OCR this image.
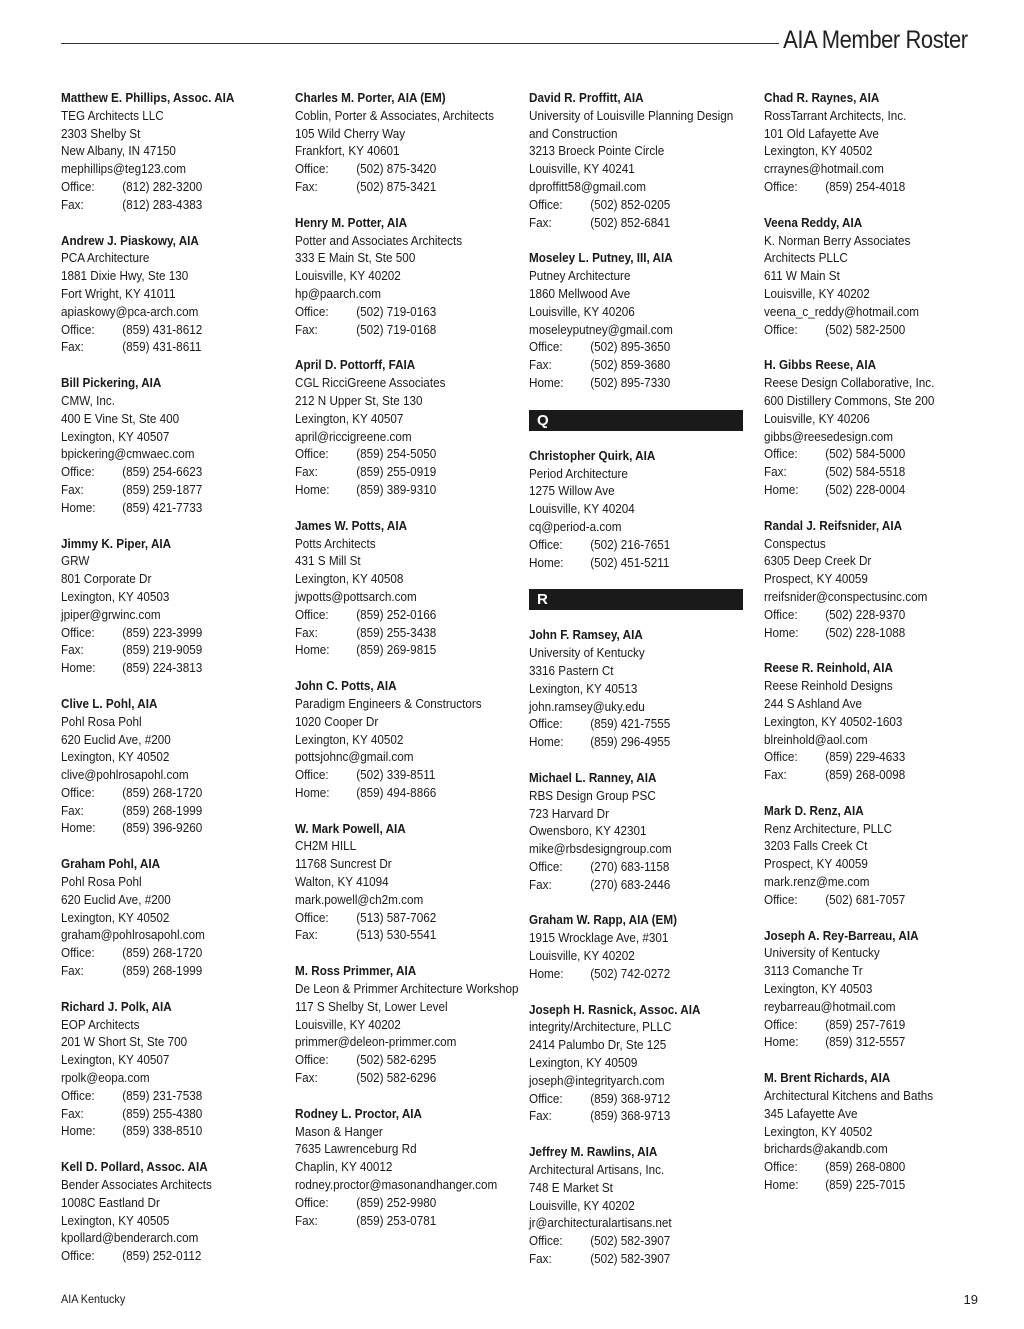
AIA Member Roster
Matthew E. Phillips, Assoc. AIA
TEG Architects LLC
2303 Shelby St
New Albany, IN 47150
mephillips@teg123.com
Office: (812) 282-3200
Fax:	(812) 283-4383
Andrew J. Piaskowy, AIA
PCA Architecture
1881 Dixie Hwy, Ste 130
Fort Wright, KY 41011
apiaskowy@pca-arch.com
Office: (859) 431-8612
Fax:	(859) 431-8611
Bill Pickering, AIA
CMW, Inc.
400 E Vine St, Ste 400
Lexington, KY 40507
bpickering@cmwaec.com
Office: (859) 254-6623
Fax:	(859) 259-1877
Home: (859) 421-7733
Jimmy K. Piper, AIA
GRW
801 Corporate Dr
Lexington, KY 40503
jpiper@grwinc.com
Office: (859) 223-3999
Fax:	(859) 219-9059
Home: (859) 224-3813
Clive L. Pohl, AIA
Pohl Rosa Pohl
620 Euclid Ave, #200
Lexington, KY 40502
clive@pohlrosapohl.com
Office: (859) 268-1720
Fax:	(859) 268-1999
Home: (859) 396-9260
Graham Pohl, AIA
Pohl Rosa Pohl
620 Euclid Ave, #200
Lexington, KY 40502
graham@pohlrosapohl.com
Office: (859) 268-1720
Fax:	(859) 268-1999
Richard J. Polk, AIA
EOP Architects
201 W Short St, Ste 700
Lexington, KY 40507
rpolk@eopa.com
Office: (859) 231-7538
Fax:	(859) 255-4380
Home: (859) 338-8510
Kell D. Pollard, Assoc. AIA
Bender Associates Architects
1008C Eastland Dr
Lexington, KY 40505
kpollard@benderarch.com
Office: (859) 252-0112
Charles M. Porter, AIA (EM)
Coblin, Porter & Associates, Architects
105 Wild Cherry Way
Frankfort, KY 40601
Office: (502) 875-3420
Fax:	(502) 875-3421
Henry M. Potter, AIA
Potter and Associates Architects
333 E Main St, Ste 500
Louisville, KY 40202
hp@paarch.com
Office: (502) 719-0163
Fax:	(502) 719-0168
April D. Pottorff, FAIA
CGL RicciGreene Associates
212 N Upper St, Ste 130
Lexington, KY 40507
april@riccigreene.com
Office: (859) 254-5050
Fax:	(859) 255-0919
Home: (859) 389-9310
James W. Potts, AIA
Potts Architects
431 S Mill St
Lexington, KY 40508
jwpotts@pottsarch.com
Office: (859) 252-0166
Fax:	(859) 255-3438
Home: (859) 269-9815
John C. Potts, AIA
Paradigm Engineers & Constructors
1020 Cooper Dr
Lexington, KY 40502
pottsjohnc@gmail.com
Office: (502) 339-8511
Home: (859) 494-8866
W. Mark Powell, AIA
CH2M HILL
11768 Suncrest Dr
Walton, KY 41094
mark.powell@ch2m.com
Office: (513) 587-7062
Fax:	(513) 530-5541
M. Ross Primmer, AIA
De Leon & Primmer Architecture Workshop
117 S Shelby St, Lower Level
Louisville, KY 40202
primmer@deleon-primmer.com
Office: (502) 582-6295
Fax:	(502) 582-6296
Rodney L. Proctor, AIA
Mason & Hanger
7635 Lawrenceburg Rd
Chaplin, KY 40012
rodney.proctor@masonandhanger.com
Office: (859) 252-9980
Fax:	(859) 253-0781
David R. Proffitt, AIA
University of Louisville Planning Design
and Construction
3213 Broeck Pointe Circle
Louisville, KY 40241
dproffitt58@gmail.com
Office: (502) 852-0205
Fax:	(502) 852-6841
Moseley L. Putney, III, AIA
Putney Architecture
1860 Mellwood Ave
Louisville, KY 40206
moseleyputney@gmail.com
Office: (502) 895-3650
Fax:	(502) 859-3680
Home: (502) 895-7330
Q
Christopher Quirk, AIA
Period Architecture
1275 Willow Ave
Louisville, KY 40204
cq@period-a.com
Office: (502) 216-7651
Home: (502) 451-5211
R
John F. Ramsey, AIA
University of Kentucky
3316 Pastern Ct
Lexington, KY 40513
john.ramsey@uky.edu
Office: (859) 421-7555
Home: (859) 296-4955
Michael L. Ranney, AIA
RBS Design Group PSC
723 Harvard Dr
Owensboro, KY 42301
mike@rbsdesigngroup.com
Office: (270) 683-1158
Fax:	(270) 683-2446
Graham W. Rapp, AIA (EM)
1915 Wrocklage Ave, #301
Louisville, KY 40202
Home: (502) 742-0272
Joseph H. Rasnick, Assoc. AIA
integrity/Architecture, PLLC
2414 Palumbo Dr, Ste 125
Lexington, KY 40509
joseph@integrityarch.com
Office: (859) 368-9712
Fax:	(859) 368-9713
Jeffrey M. Rawlins, AIA
Architectural Artisans, Inc.
748 E Market St
Louisville, KY 40202
jr@architecturalartisans.net
Office: (502) 582-3907
Fax:	(502) 582-3907
Chad R. Raynes, AIA
RossTarrant Architects, Inc.
101 Old Lafayette Ave
Lexington, KY 40502
crraynes@hotmail.com
Office: (859) 254-4018
Veena Reddy, AIA
K. Norman Berry Associates
Architects PLLC
611 W Main St
Louisville, KY 40202
veena_c_reddy@hotmail.com
Office: (502) 582-2500
H. Gibbs Reese, AIA
Reese Design Collaborative, Inc.
600 Distillery Commons, Ste 200
Louisville, KY 40206
gibbs@reesedesign.com
Office: (502) 584-5000
Fax:	(502) 584-5518
Home: (502) 228-0004
Randal J. Reifsnider, AIA
Conspectus
6305 Deep Creek Dr
Prospect, KY 40059
rreifsnider@conspectusinc.com
Office: (502) 228-9370
Home: (502) 228-1088
Reese R. Reinhold, AIA
Reese Reinhold Designs
244 S Ashland Ave
Lexington, KY 40502-1603
blreinhold@aol.com
Office: (859) 229-4633
Fax:	(859) 268-0098
Mark D. Renz, AIA
Renz Architecture, PLLC
3203 Falls Creek Ct
Prospect, KY 40059
mark.renz@me.com
Office: (502) 681-7057
Joseph A. Rey-Barreau, AIA
University of Kentucky
3113 Comanche Tr
Lexington, KY 40503
reybarreau@hotmail.com
Office: (859) 257-7619
Home: (859) 312-5557
M. Brent Richards, AIA
Architectural Kitchens and Baths
345 Lafayette Ave
Lexington, KY 40502
brichards@akandb.com
Office: (859) 268-0800
Home: (859) 225-7015
AIA Kentucky	19
